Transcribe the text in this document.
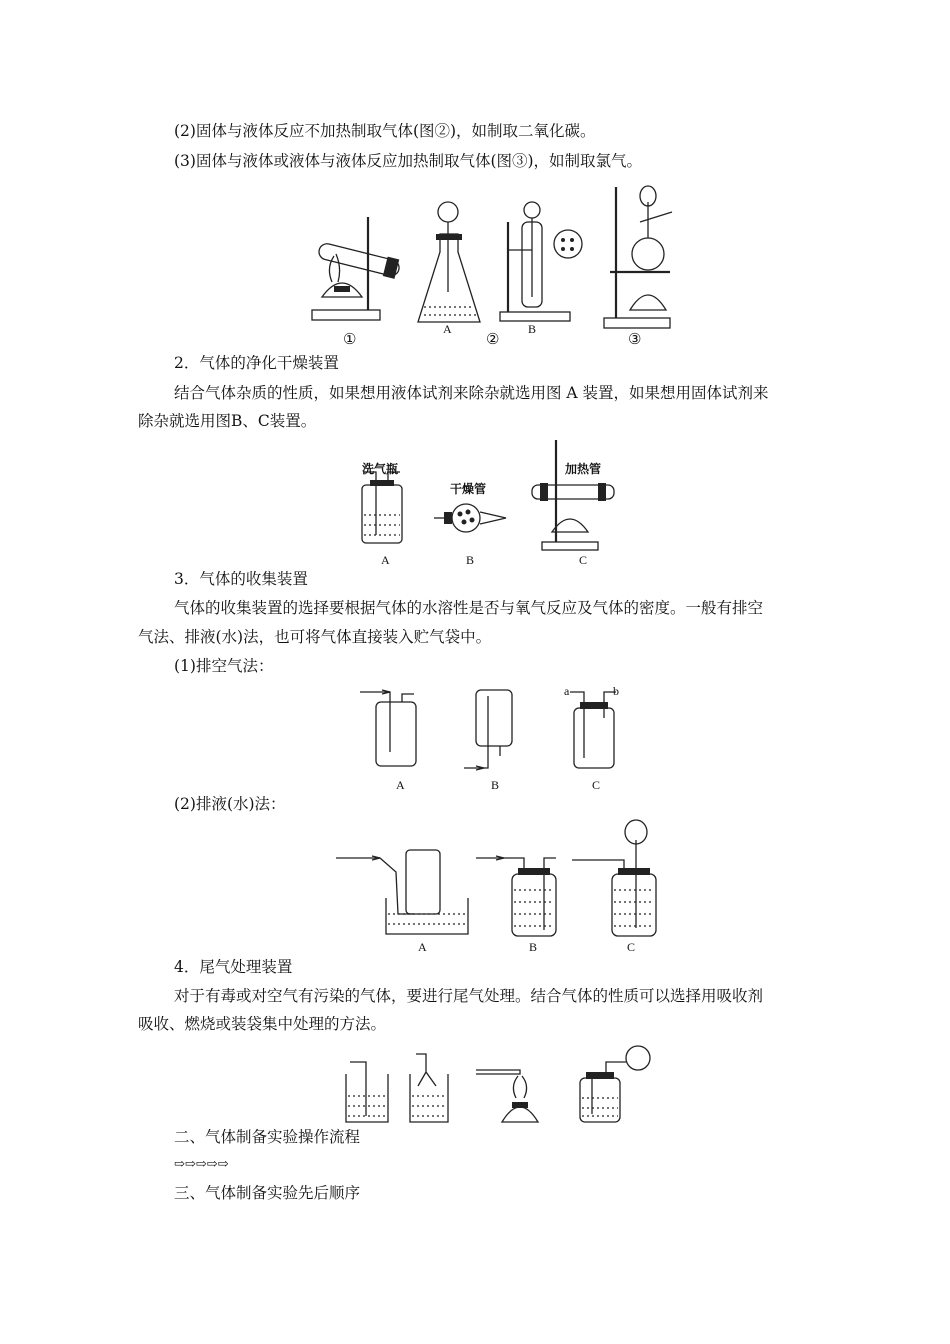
(2)固体与液体反应不加热制取气体(图②)，如制取二氧化碳。
(3)固体与液体或液体与液体反应加热制取气体(图③)，如制取氯气。
①
A
②
B
③
2．气体的净化干燥装置
结合气体杂质的性质，如果想用液体试剂来除杂就选用图 A 装置，如果想用固体试剂来
除杂就选用图B、C装置。
洗气瓶
干燥管
加热管
A	B	C
3．气体的收集装置
气体的收集装置的选择要根据气体的水溶性是否与氧气反应及气体的密度。一般有排空
气法、排液(水)法，也可将气体直接装入贮气袋中。
(1)排空气法：
a	b
A	B	C
(2)排液(水)法：
A	B	C
4．尾气处理装置
对于有毒或对空气有污染的气体，要进行尾气处理。结合气体的性质可以选择用吸收剂
吸收、燃烧或装袋集中处理的方法。
二、气体制备实验操作流程
⇨⇨⇨⇨⇨
三、气体制备实验先后顺序
